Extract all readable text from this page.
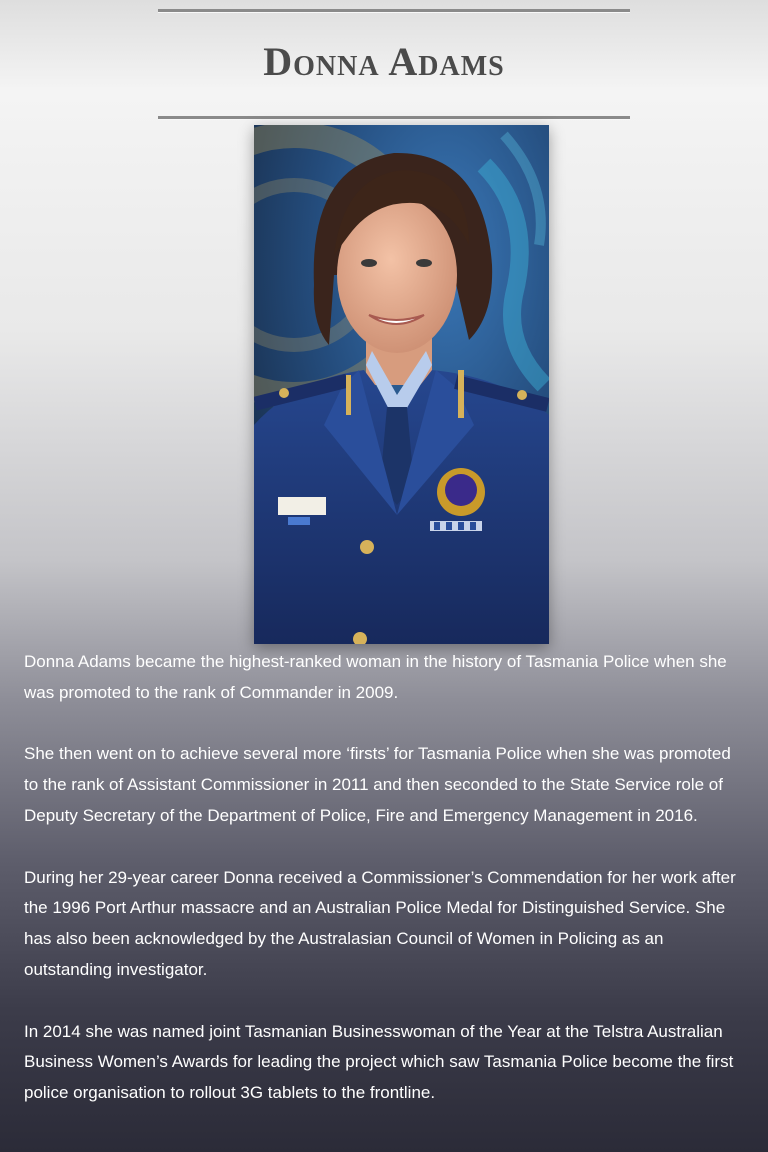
Donna Adams

Donna Adams became the highest-ranked woman in the history of Tasmania Police when she was promoted to the rank of Commander in 2009.

She then went on to achieve several more ‘firsts’ for Tasmania Police when she was promoted to the rank of Assistant Commissioner in 2011 and then seconded to the State Service role of Deputy Secretary of the Department of Police, Fire and Emergency Management in 2016.

During her 29-year career Donna received a Commissioner’s Commendation for her work after the 1996 Port Arthur massacre and an Australian Police Medal for Distinguished Service. She has also been acknowledged by the Australasian Council of Women in Policing as an outstanding investigator.

In 2014 she was named joint Tasmanian Businesswoman of the Year at the Telstra Australian Business Women’s Awards for leading the project which saw Tasmania Police become the first police organisation to rollout 3G tablets to the frontline.
